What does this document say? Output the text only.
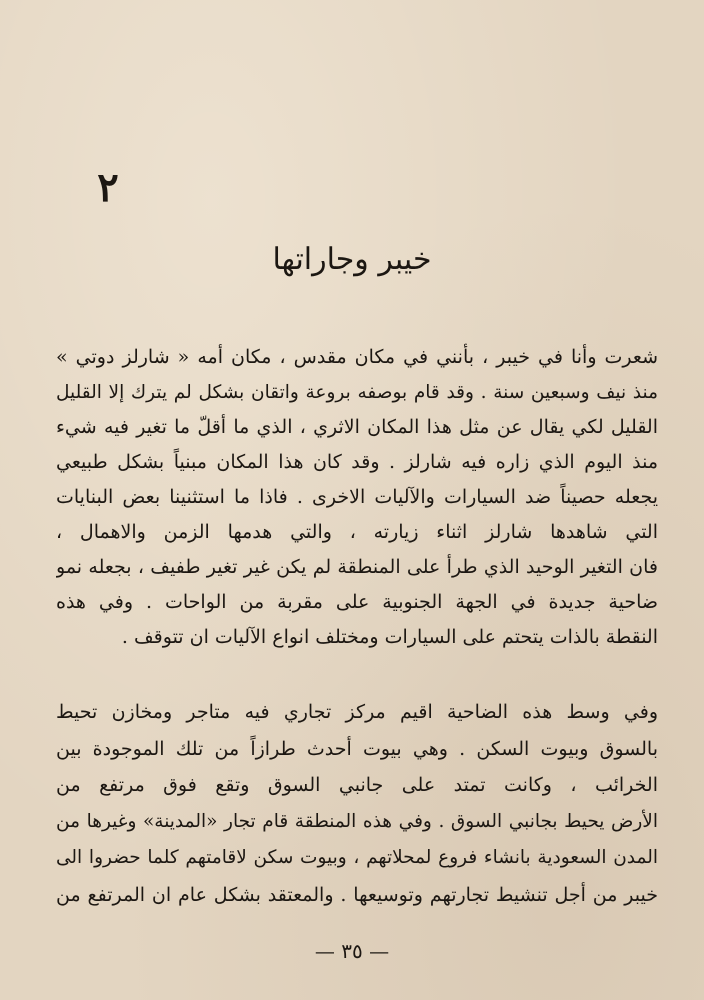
٢
خيبر وجاراتها
شعرت وأنا في خيبر ، بأنني في مكان مقدس ، مكان أمه « شارلز دوتي »
منذ نيف وسبعين سنة . وقد قام بوصفه بروعة واتقان بشكل لم يترك إلا القليل
القليل لكي يقال عن مثل هذا المكان الاثري ، الذي ما أقلّ ما تغير فيه شيء
منذ اليوم الذي زاره فيه شارلز . وقد كان هذا المكان مبنياً بشكل طبيعي
يجعله حصيناً ضد السيارات والآليات الاخرى . فاذا ما استثنينا بعض البنايات
التي شاهدها شارلز اثناء زيارته ، والتي هدمها الزمن والاهمال ،
فان التغير الوحيد الذي طرأ على المنطقة لم يكن غير تغير طفيف ، بجعله نمو
ضاحية جديدة في الجهة الجنوبية على مقربة من الواحات . وفي هذه
النقطة بالذات يتحتم على السيارات ومختلف انواع الآليات ان تتوقف .
وفي وسط هذه الضاحية اقيم مركز تجاري فيه متاجر ومخازن تحيط
بالسوق وبيوت السكن . وهي بيوت أحدث طرازاً من تلك الموجودة بين
الخرائب ، وكانت تمتد على جانبي السوق وتقع فوق مرتفع من
الأرض يحيط بجانبي السوق . وفي هذه المنطقة قام تجار «المدينة» وغيرها من
المدن السعودية بانشاء فروع لمحلاتهم ، وبيوت سكن لاقامتهم كلما حضروا الى
خيبر من أجل تنشيط تجارتهم وتوسيعها . والمعتقد بشكل عام ان المرتفع من
— ٣٥ —
